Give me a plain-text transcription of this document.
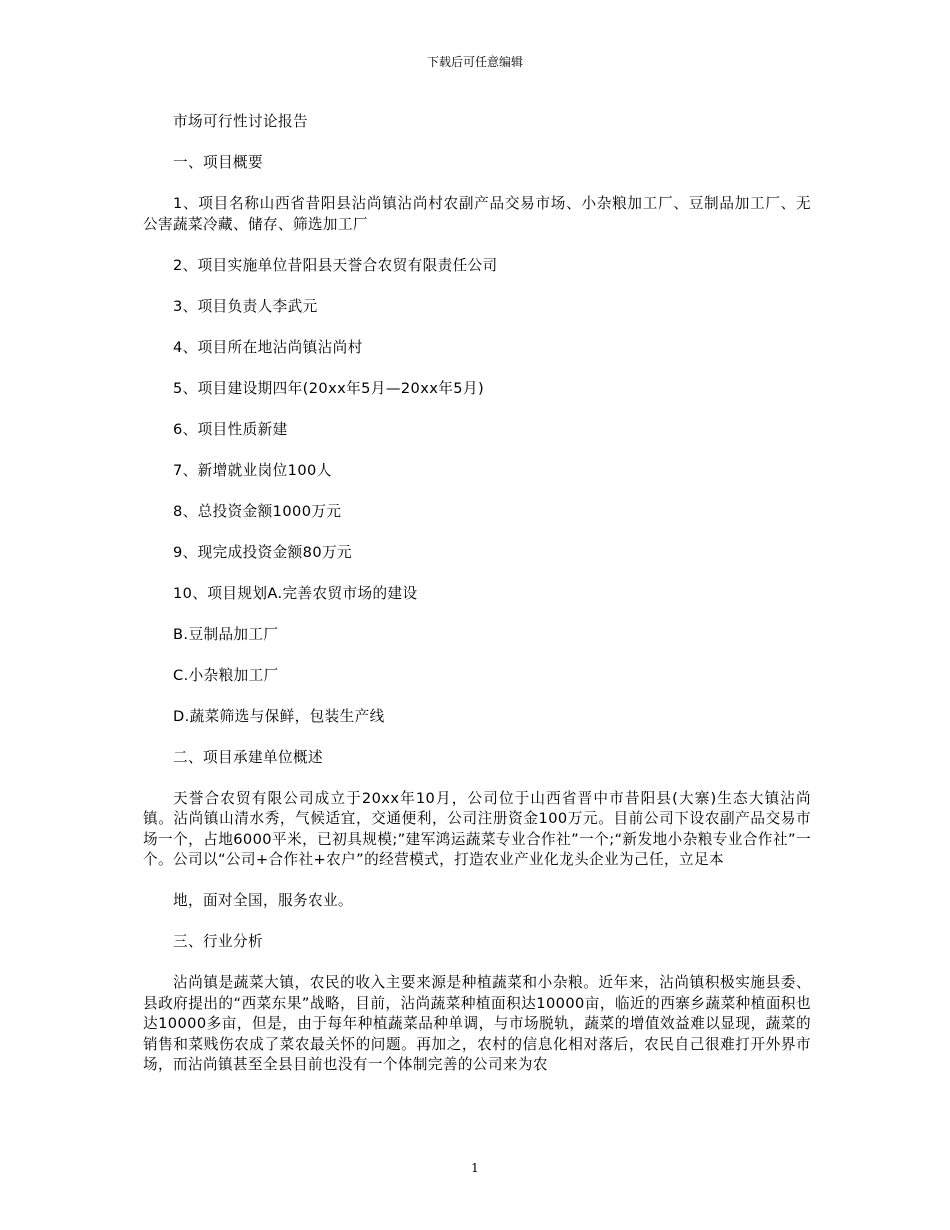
下载后可任意编辑

市场可行性讨论报告

一、项目概要

1、项目名称山西省昔阳县沾尚镇沾尚村农副产品交易市场、小杂粮加工厂、豆制品加工厂、无公害蔬菜冷藏、储存、筛选加工厂

2、项目实施单位昔阳县天誉合农贸有限责任公司

3、项目负责人李武元

4、项目所在地沾尚镇沾尚村

5、项目建设期四年(20xx年5月—20xx年5月)

6、项目性质新建

7、新增就业岗位100人

8、总投资金额1000万元

9、现完成投资金额80万元

10、项目规划A.完善农贸市场的建设

B.豆制品加工厂

C.小杂粮加工厂

D.蔬菜筛选与保鲜，包装生产线

二、项目承建单位概述

天誉合农贸有限公司成立于20xx年10月，公司位于山西省晋中市昔阳县(大寨)生态大镇沾尚镇。沾尚镇山清水秀，气候适宜，交通便利，公司注册资金100万元。目前公司下设农副产品交易市场一个，占地6000平米，已初具规模;”建军鸿运蔬菜专业合作社”一个;“新发地小杂粮专业合作社”一个。公司以“公司+合作社+农户”的经营模式，打造农业产业化龙头企业为己任，立足本

地，面对全国，服务农业。

三、行业分析

沾尚镇是蔬菜大镇，农民的收入主要来源是种植蔬菜和小杂粮。近年来，沾尚镇积极实施县委、县政府提出的“西菜东果”战略，目前，沾尚蔬菜种植面积达10000亩，临近的西寨乡蔬菜种植面积也达10000多亩，但是，由于每年种植蔬菜品种单调，与市场脱轨，蔬菜的增值效益难以显现，蔬菜的销售和菜贱伤农成了菜农最关怀的问题。再加之，农村的信息化相对落后，农民自己很难打开外界市场，而沾尚镇甚至全县目前也没有一个体制完善的公司来为农

1
